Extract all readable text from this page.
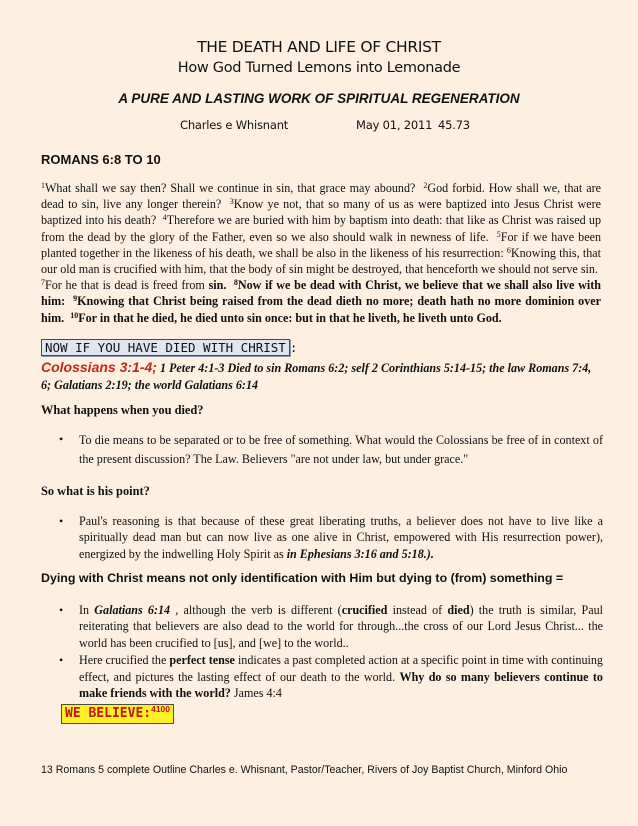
THE DEATH AND LIFE OF CHRIST
How God Turned Lemons into Lemonade
A PURE AND LASTING WORK OF SPIRITUAL REGENERATION
Charles e Whisnant	May 01, 2011 45.73
ROMANS 6:8 TO 10
$^1$What shall we say then? Shall we continue in sin, that grace may abound? $^2$God forbid. How shall we, that are dead to sin, live any longer therein? $^3$Know ye not, that so many of us as were baptized into Jesus Christ were baptized into his death? $^4$Therefore we are buried with him by baptism into death: that like as Christ was raised up from the dead by the glory of the Father, even so we also should walk in newness of life. $^5$For if we have been planted together in the likeness of his death, we shall be also in the likeness of his resurrection: $^6$Knowing this, that our old man is crucified with him, that the body of sin might be destroyed, that henceforth we should not serve sin.  $^7$For he that is dead is freed from sin. $^8$Now if we be dead with Christ, we believe that we shall also live with him: $^9$Knowing that Christ being raised from the dead dieth no more; death hath no more dominion over him. $^{10}$For in that he died, he died unto sin once: but in that he liveth, he liveth unto God.
NOW IF YOU HAVE DIED WITH CHRIST :
Colossians 3:1-4; 1 Peter 4:1-3 Died to sin Romans 6:2; self 2 Corinthians 5:14-15; the law Romans 7:4, 6; Galatians 2:19; the world Galatians 6:14
What happens when you died?
• To die means to be separated or to be free of something. What would the Colossians be free of in context of the present discussion? The Law. Believers "are not under law, but under grace."
So what is his point?
• Paul's reasoning is that because of these great liberating truths, a believer does not have to live like a spiritually dead man but can now live as one alive in Christ, empowered with His resurrection power), energized by the indwelling Holy Spirit as in Ephesians 3:16 and 5:18.).
Dying with Christ means not only identification with Him but dying to (from) something =
• In Galatians 6:14 , although the verb is different (crucified instead of died) the truth is similar, Paul reiterating that believers are also dead to the world for through...the cross of our Lord Jesus Christ... the world has been crucified to [us], and [we] to the world..
• Here crucified the perfect tense indicates a past completed action at a specific point in time with continuing effect, and pictures the lasting effect of our death to the world. Why do so many believers continue to make friends with the world? James 4:4
WE BELIEVE:$^{4100}$
13 Romans 5 complete Outline Charles e. Whisnant, Pastor/Teacher, Rivers of Joy Baptist Church, Minford Ohio
